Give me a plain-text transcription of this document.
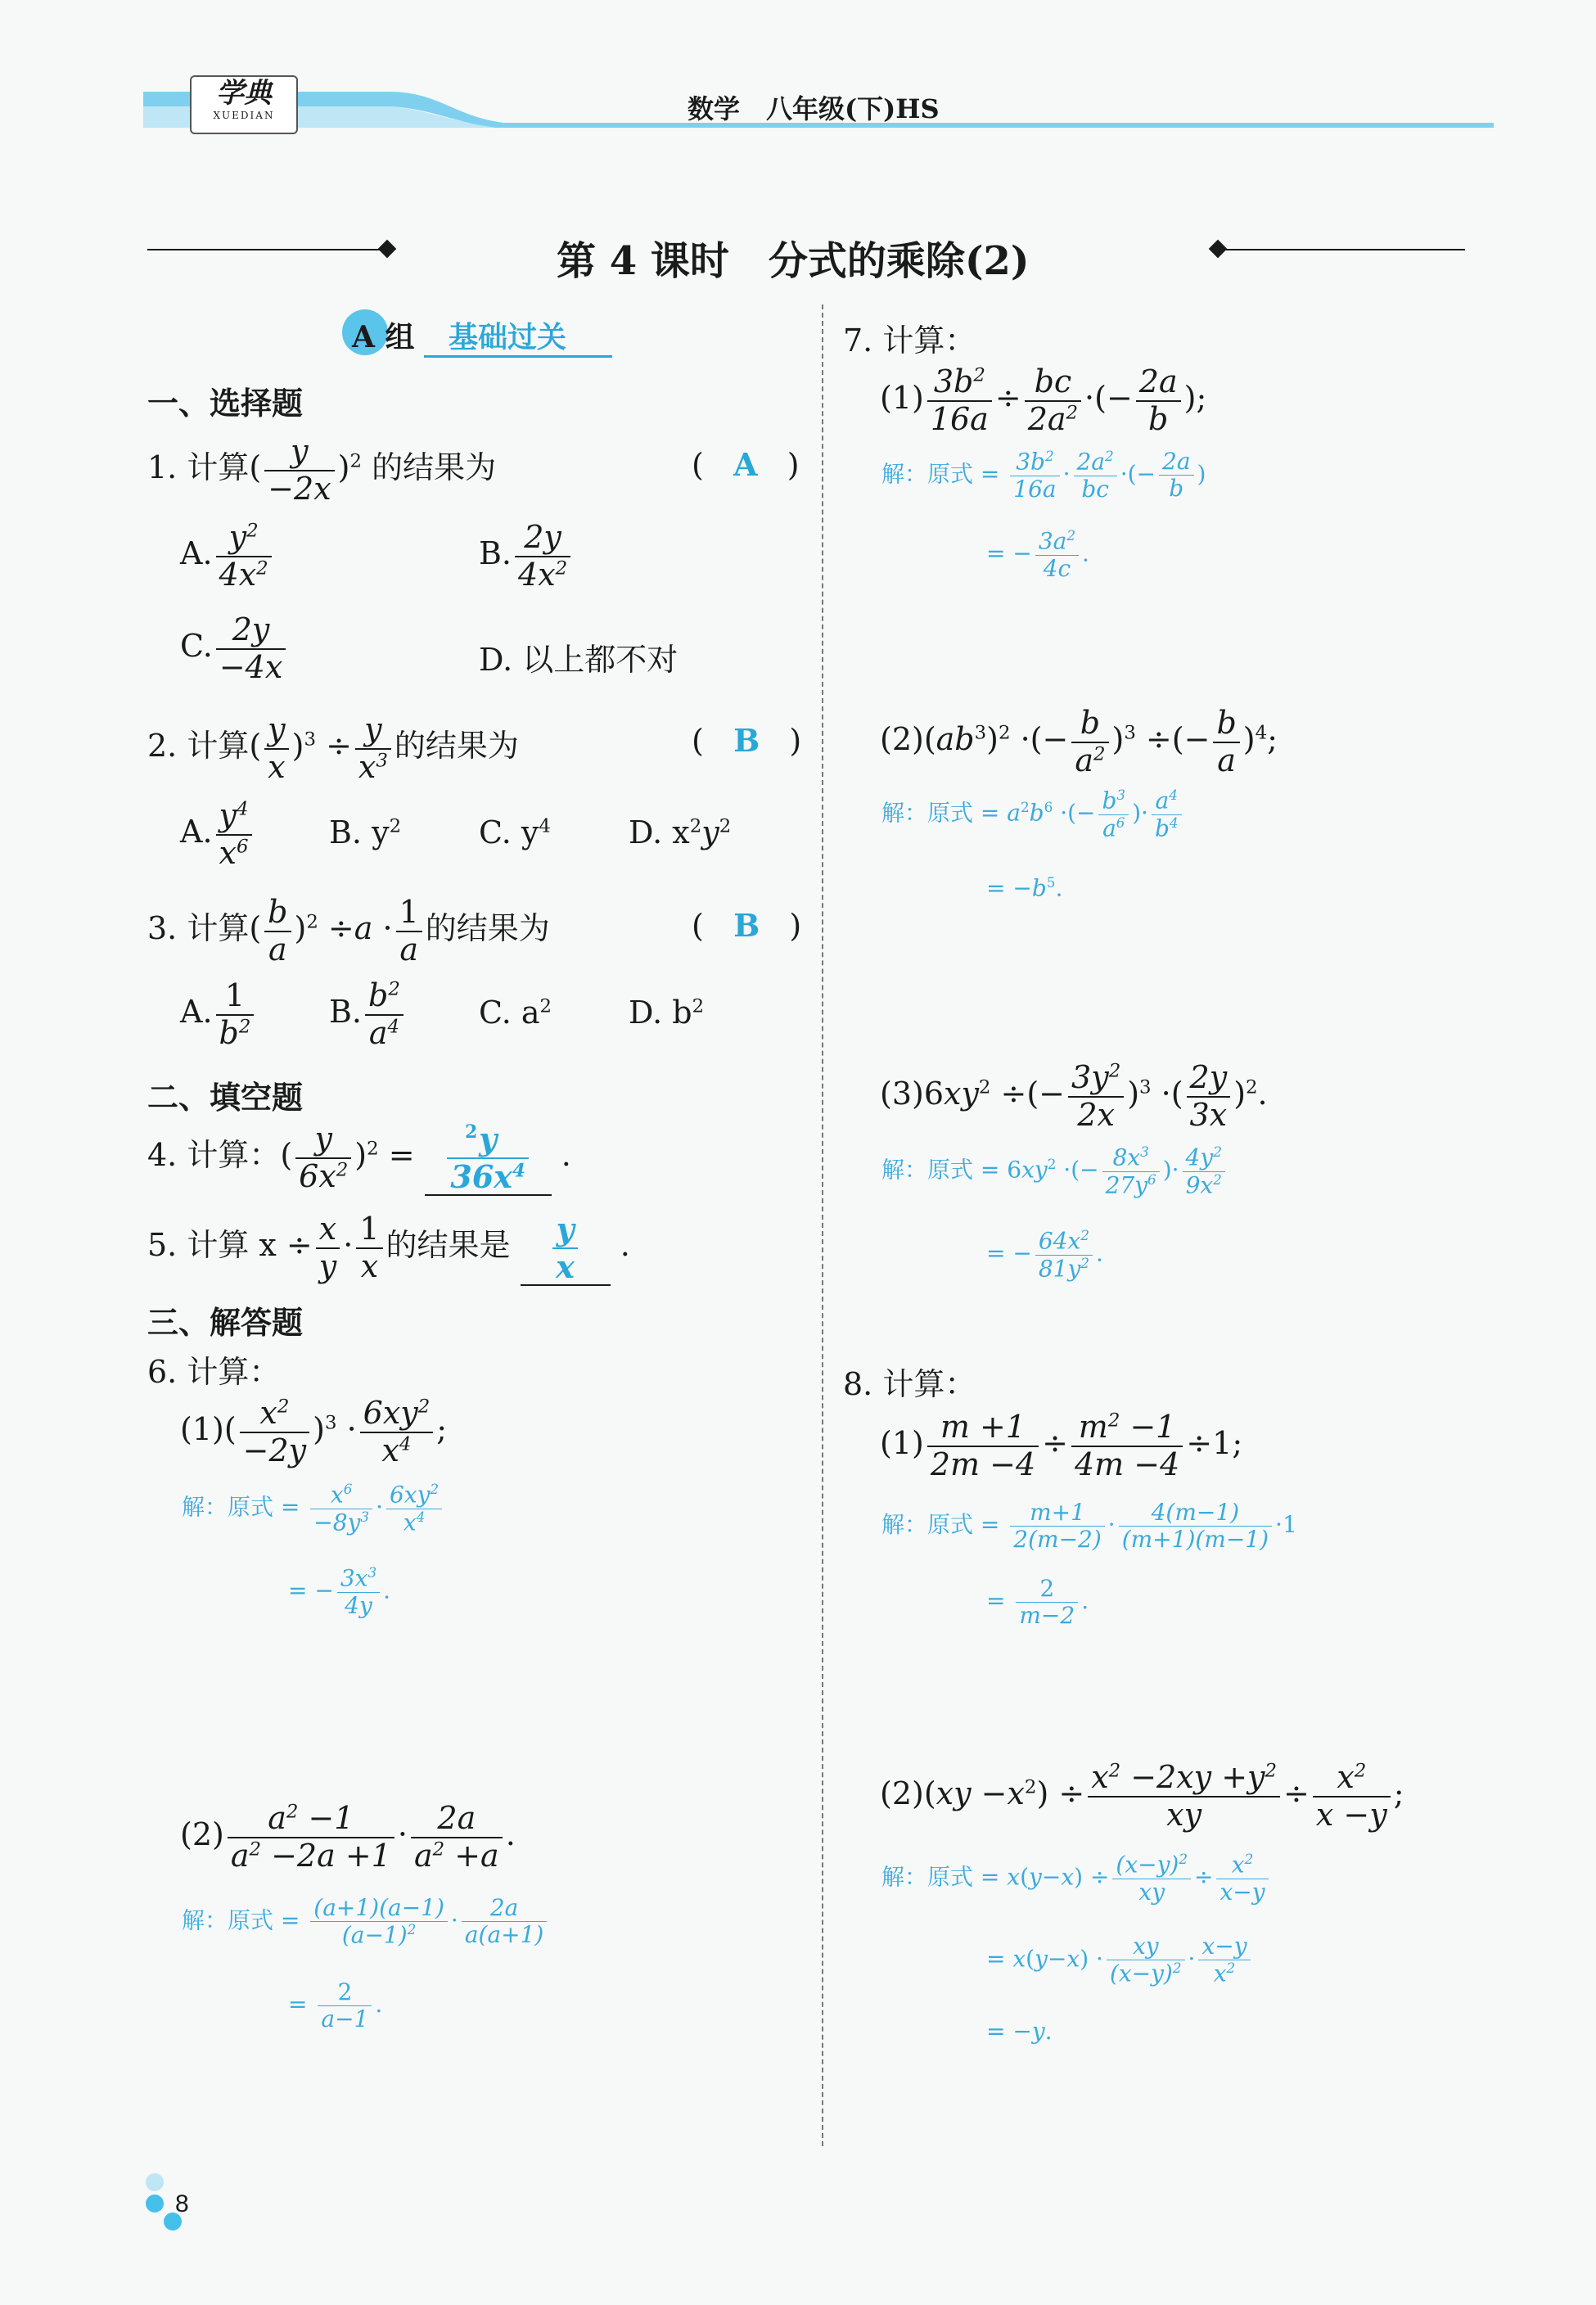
学典
XUEDIAN	数学　八年级(下)HS
第 4 课时　分式的乘除(2)
A 组 基础过关
一、选择题
1. 计算( $\frac{y}{-2x} )^2$ 的结果为	(   A   )
A. $\frac{y^2}{4x^2}$	B. $\frac{2y}{4x^2}$
C. $\frac{2y}{-4x}$	D. 以上都不对
2. 计算( $\frac{y}{x} )^3 \div \frac{y}{x^3}$ 的结果为	(   B   )
A. $\frac{y^4}{x^6} B$. $y^2$ C. $y^4$	D. $x^2y^2$
3. 计算( $\frac{b}{a} )^2 \div a \cdot \frac{1}{a}$ 的结果为	(   B   )
A. $\frac{1}{b^2} B$. $\frac{b^2}{a^4} C$. $a^2$ D. $b^2$
二、填空题
4. 计算：( $\frac{y}{6x^2} )^2 = \frac{y}{36x^4}$ .
2
5. 计算 $x \div \frac{x}{y} \cdot \frac{1}{x}$ 的结果是 $\frac{y}{x}$ .
三、解答题
6. 计算：
$(1)( \frac{x^2}{-2y} )^3 \cdot \frac{6xy^2}{x^4}$ ;
解：原式 = $\frac{x^6}{-8y^3} \cdot \frac{6xy^2}{x^4}$
= − $\frac{3x^3}{4y}$ .
$(2) \frac{a^2 -1}{a^2 -2a +1} \cdot \frac{2a}{a^2 +a}$ .
解：原式 = $\frac{(a+1)(a-1)}{(a-1)^2} \cdot \frac{2a}{a(a+1)}$
= $\frac{2}{a-1}$ .
7. 计算：
$(1) \frac{3b^2}{16a} \div \frac{bc}{2a^2}$ ·(− $\frac{2a}{b}$ );
解：原式 = $\frac{3b^2}{16a} \cdot \frac{2a^2}{bc}$ ·(− $\frac{2a}{b}$ )
= − $\frac{3a^2}{4c}$ .
$(2)(ab^3)^2$ ·(− $\frac{b}{a^2} )^3$ ÷(− $\frac{b}{a} )^4$;
解：原式 = $a^2b^6$ ·(− $\frac{b^3}{a^6}$ )· $\frac{a^4}{b^4}$
= $-b^5$.
$(3)6xy^2$ ÷(− $\frac{3y^2}{2x} )^3$ ·( $\frac{2y}{3x} )^2$.
解：原式 = $6xy^2$ ·(− $\frac{8x^3}{27y^6}$ )· $\frac{4y^2}{9x^2}$
= − $\frac{64x^2}{81y^2}$ .
8. 计算：
$(1) \frac{m +1}{2m -4} \div \frac{m^2 -1}{4m -4} \div 1$;
解：原式 = $\frac{m+1}{2(m-2)} \cdot \frac{4(m-1)}{(m+1)(m-1)} \cdot 1$
= $\frac{2}{m-2}$ .
$(2)(xy -x^2) \div \frac{x^2 -2xy +y^2}{xy} \div \frac{x^2}{x -y}$ ;
解：原式 = $x(y-x) \div \frac{(x-y)^2}{xy} \div \frac{x^2}{x-y}$
= $x(y-x) \cdot \frac{xy}{(x-y)^2} \cdot \frac{x-y}{x^2}$
= −y.
8
